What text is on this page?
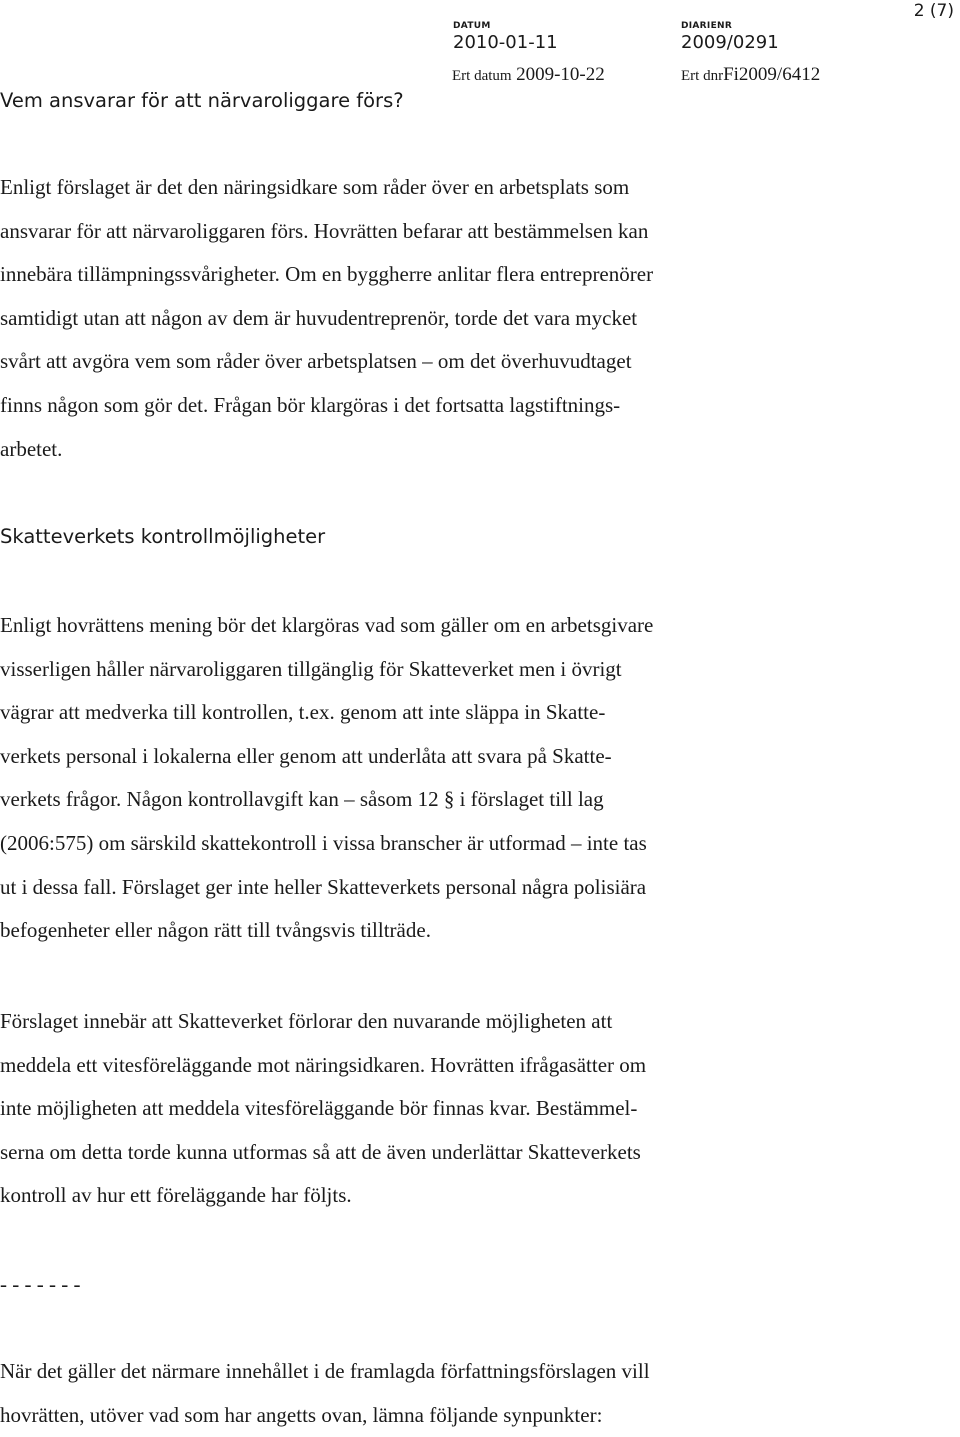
2 (7)
DATUM
2010-01-11
DIARIENR
2009/0291
Ert datum 2009-10-22	Ert dnrFi2009/6412
Vem ansvarar för att närvaroliggare förs?
Enligt förslaget är det den näringsidkare som råder över en arbetsplats som
ansvarar för att närvaroliggaren förs. Hovrätten befarar att bestämmelsen kan
innebära tillämpningssvårigheter. Om en byggherre anlitar flera entreprenörer
samtidigt utan att någon av dem är huvudentreprenör, torde det vara mycket
svårt att avgöra vem som råder över arbetsplatsen – om det överhuvudtaget
finns någon som gör det. Frågan bör klargöras i det fortsatta lagstiftnings-
arbetet.
Skatteverkets kontrollmöjligheter
Enligt hovrättens mening bör det klargöras vad som gäller om en arbetsgivare
visserligen håller närvaroliggaren tillgänglig för Skatteverket men i övrigt
vägrar att medverka till kontrollen, t.ex. genom att inte släppa in Skatte-
verkets personal i lokalerna eller genom att underlåta att svara på Skatte-
verkets frågor. Någon kontrollavgift kan – såsom 12 § i förslaget till lag
(2006:575) om särskild skattekontroll i vissa branscher är utformad – inte tas
ut i dessa fall. Förslaget ger inte heller Skatteverkets personal några polisiära
befogenheter eller någon rätt till tvångsvis tillträde.
Förslaget innebär att Skatteverket förlorar den nuvarande möjligheten att
meddela ett vitesföreläggande mot näringsidkaren. Hovrätten ifrågasätter om
inte möjligheten att meddela vitesföreläggande bör finnas kvar. Bestämmel-
serna om detta torde kunna utformas så att de även underlättar Skatteverkets
kontroll av hur ett föreläggande har följts.
- - - - - - -
När det gäller det närmare innehållet i de framlagda författningsförslagen vill
hovrätten, utöver vad som har angetts ovan, lämna följande synpunkter:
